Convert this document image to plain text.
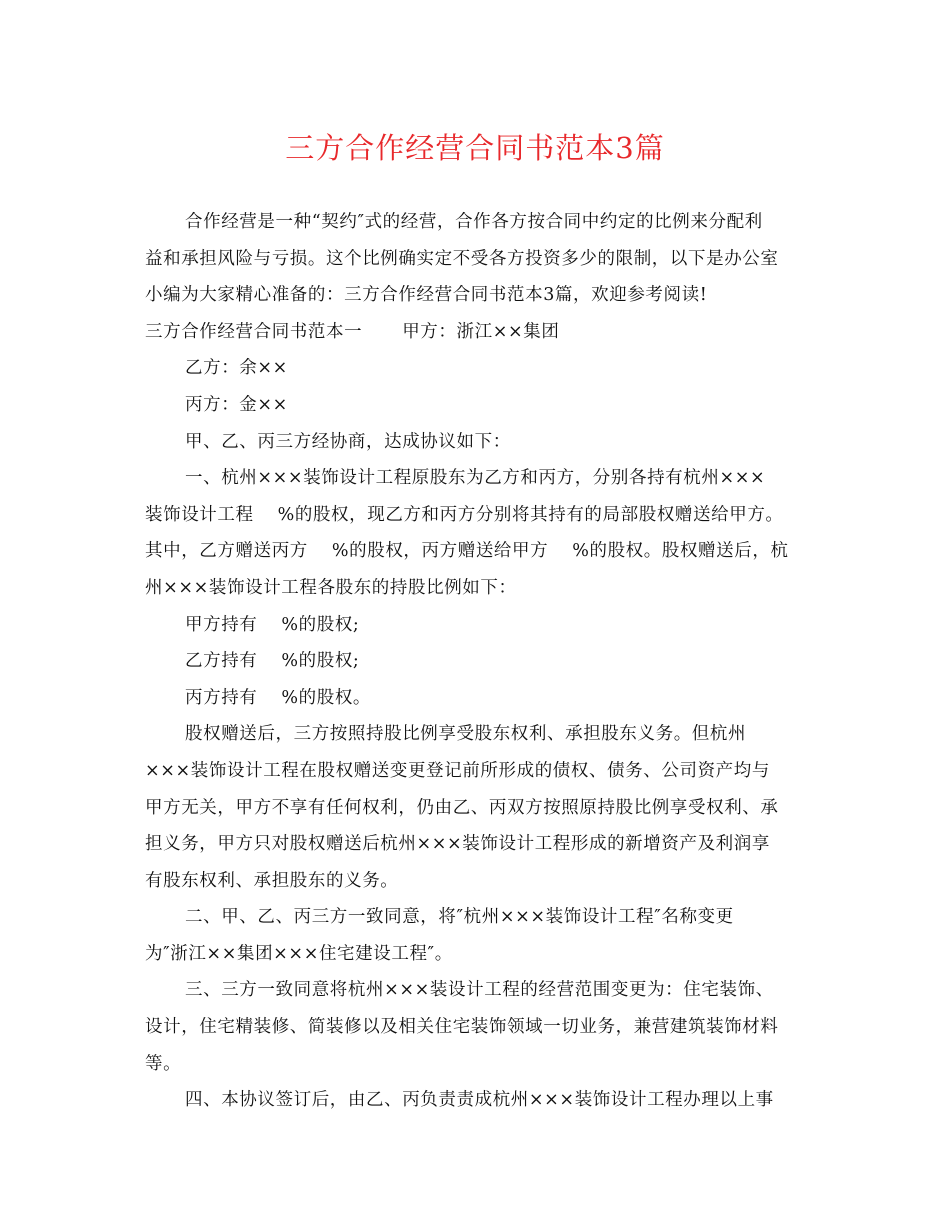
三方合作经营合同书范本3篇

合作经营是一种“契约″式的经营，合作各方按合同中约定的比例来分配利

益和承担风险与亏损。这个比例确实定不受各方投资多少的限制，以下是办公室

小编为大家精心准备的：三方合作经营合同书范本3篇，欢迎参考阅读!

三方合作经营合同书范本一 甲方：浙江××集团

乙方：余××

丙方：金××

甲、乙、丙三方经协商，达成协议如下：

一、杭州×××装饰设计工程原股东为乙方和丙方，分别各持有杭州×××

装饰设计工程 %的股权，现乙方和丙方分别将其持有的局部股权赠送给甲方。

其中，乙方赠送丙方 %的股权，丙方赠送给甲方 %的股权。股权赠送后，杭

州×××装饰设计工程各股东的持股比例如下：

甲方持有 %的股权;

乙方持有 %的股权;

丙方持有 %的股权。

股权赠送后，三方按照持股比例享受股东权利、承担股东义务。但杭州

×××装饰设计工程在股权赠送变更登记前所形成的债权、债务、公司资产均与

甲方无关，甲方不享有任何权利，仍由乙、丙双方按照原持股比例享受权利、承

担义务，甲方只对股权赠送后杭州×××装饰设计工程形成的新增资产及利润享

有股东权利、承担股东的义务。

二、甲、乙、丙三方一致同意，将″杭州×××装饰设计工程″名称变更

为″浙江××集团×××住宅建设工程″。

三、三方一致同意将杭州×××装设计工程的经营范围变更为：住宅装饰、

设计，住宅精装修、简装修以及相关住宅装饰领域一切业务，兼营建筑装饰材料

等。

四、本协议签订后，由乙、丙负责责成杭州×××装饰设计工程办理以上事
